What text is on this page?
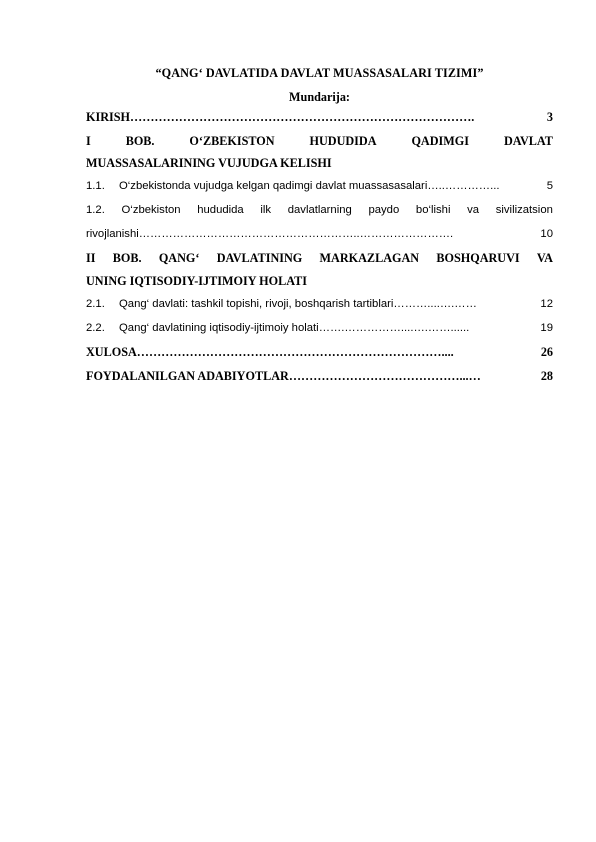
“QANG‘ DAVLATIDA DAVLAT MUASSASALARI TIZIMI”
Mundarija:
KIRISH ………………………………………………………………………….	3
I	BOB.	O‘ZBEKISTON	HUDUDIDA	QADIMGI	DAVLAT
MUASSASALARINING VUJUDGA KELISHI
1.1. O‘zbekistonda vujudga kelgan qadimgi davlat muassasasalari …..…………...	5
1.2. O‘zbekiston hududida ilk davlatlarning paydo bo‘lishi va sivilizatsion
rivojlanishi …………………………………………………..…………………….	10
II BOB. QANG‘ DAVLATINING MARKAZLAGAN BOSHQARUVI VA
UNING IQTISODIY-IJTIMOIY HOLATI
2.1. Qang‘ davlati: tashkil topishi, rivoji, boshqarish tartiblari ………....….……	12
2.2. Qang‘ davlatining iqtisodiy-ijtimoiy holati …….……………....….……......	19
XULOSA …………………………………………………………………....	26
FOYDALANILGAN ADABIYOTLAR ……………………………………...…	28
